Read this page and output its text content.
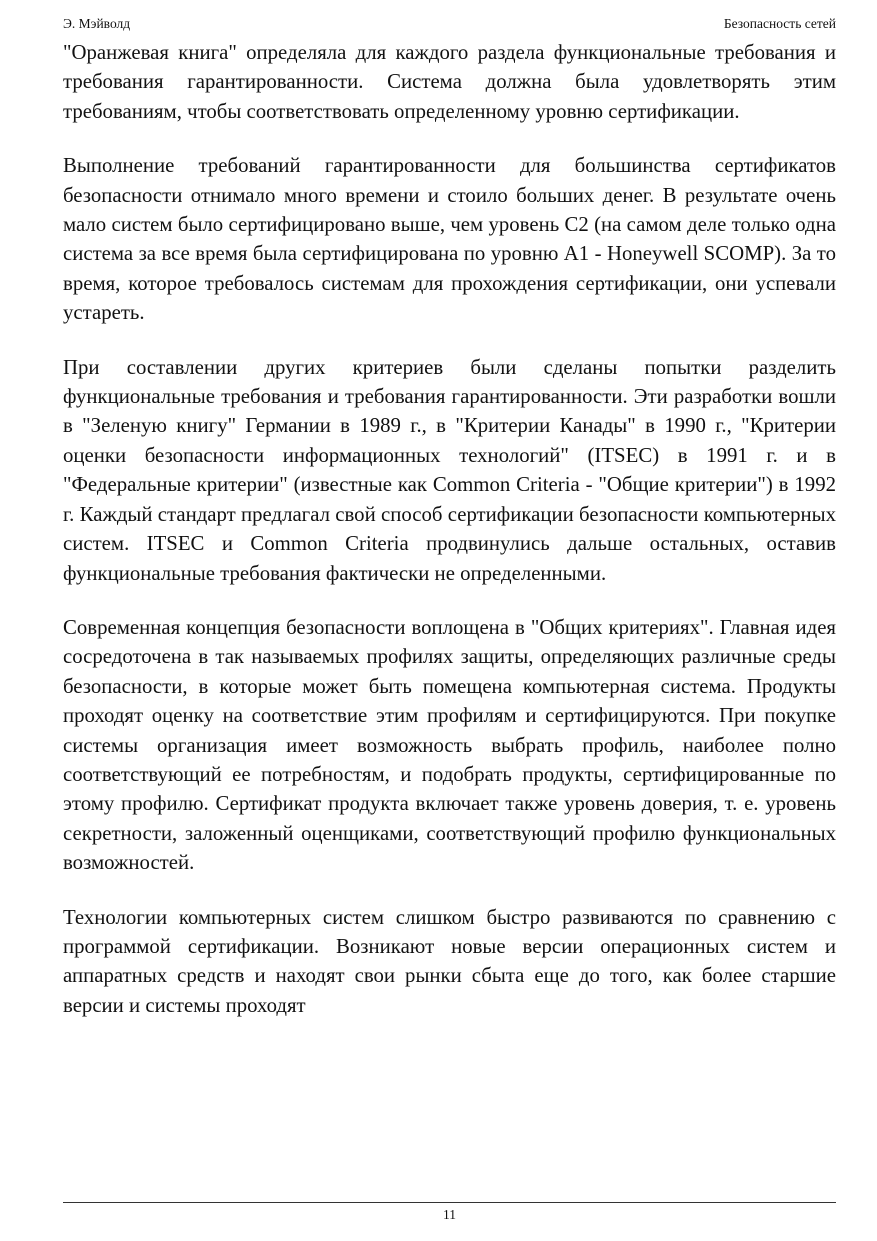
Э. Мэйволд	Безопасность сетей

"Оранжевая книга" определяла для каждого раздела функциональные требования и требования гарантированности. Система должна была удовлетворять этим требованиям, чтобы соответствовать определенному уровню сертификации.

Выполнение требований гарантированности для большинства сертификатов безопасности отнимало много времени и стоило больших денег. В результате очень мало систем было сертифицировано выше, чем уровень C2 (на самом деле только одна система за все время была сертифицирована по уровню A1 - Honeywell SCOMP). За то время, которое требовалось системам для прохождения сертификации, они успевали устареть.

При составлении других критериев были сделаны попытки разделить функциональные требования и требования гарантированности. Эти разработки вошли в "Зеленую книгу" Германии в 1989 г., в "Критерии Канады" в 1990 г., "Критерии оценки безопасности информационных технологий" (ITSEC) в 1991 г. и в "Федеральные критерии" (известные как Common Criteria - "Общие критерии") в 1992 г. Каждый стандарт предлагал свой способ сертификации безопасности компьютерных систем. ITSEC и Common Criteria продвинулись дальше остальных, оставив функциональные требования фактически не определенными.

Современная концепция безопасности воплощена в "Общих критериях". Главная идея сосредоточена в так называемых профилях защиты, определяющих различные среды безопасности, в которые может быть помещена компьютерная система. Продукты проходят оценку на соответствие этим профилям и сертифицируются. При покупке системы организация имеет возможность выбрать профиль, наиболее полно соответствующий ее потребностям, и подобрать продукты, сертифицированные по этому профилю. Сертификат продукта включает также уровень доверия, т. е. уровень секретности, заложенный оценщиками, соответствующий профилю функциональных возможностей.

Технологии компьютерных систем слишком быстро развиваются по сравнению с программой сертификации. Возникают новые версии операционных систем и аппаратных средств и находят свои рынки сбыта еще до того, как более старшие версии и системы проходят

11
